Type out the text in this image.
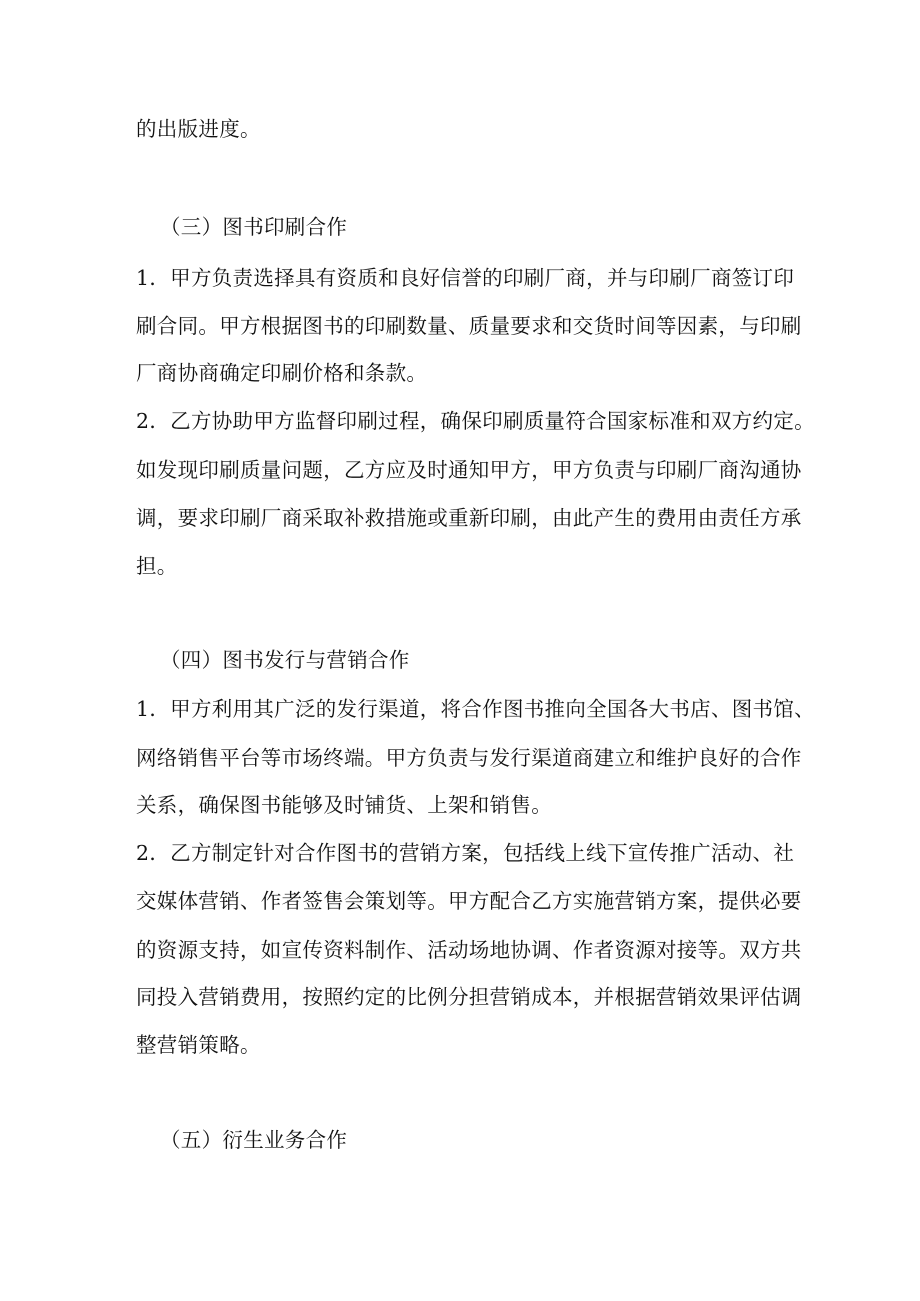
的出版进度。

（三）图书印刷合作

1．甲方负责选择具有资质和良好信誉的印刷厂商，并与印刷厂商签订印

刷合同。甲方根据图书的印刷数量、质量要求和交货时间等因素，与印刷

厂商协商确定印刷价格和条款。

2．乙方协助甲方监督印刷过程，确保印刷质量符合国家标准和双方约定。

如发现印刷质量问题，乙方应及时通知甲方，甲方负责与印刷厂商沟通协

调，要求印刷厂商采取补救措施或重新印刷，由此产生的费用由责任方承

担。

（四）图书发行与营销合作

1．甲方利用其广泛的发行渠道，将合作图书推向全国各大书店、图书馆、

网络销售平台等市场终端。甲方负责与发行渠道商建立和维护良好的合作

关系，确保图书能够及时铺货、上架和销售。

2．乙方制定针对合作图书的营销方案，包括线上线下宣传推广活动、社

交媒体营销、作者签售会策划等。甲方配合乙方实施营销方案，提供必要

的资源支持，如宣传资料制作、活动场地协调、作者资源对接等。双方共

同投入营销费用，按照约定的比例分担营销成本，并根据营销效果评估调

整营销策略。

（五）衍生业务合作
